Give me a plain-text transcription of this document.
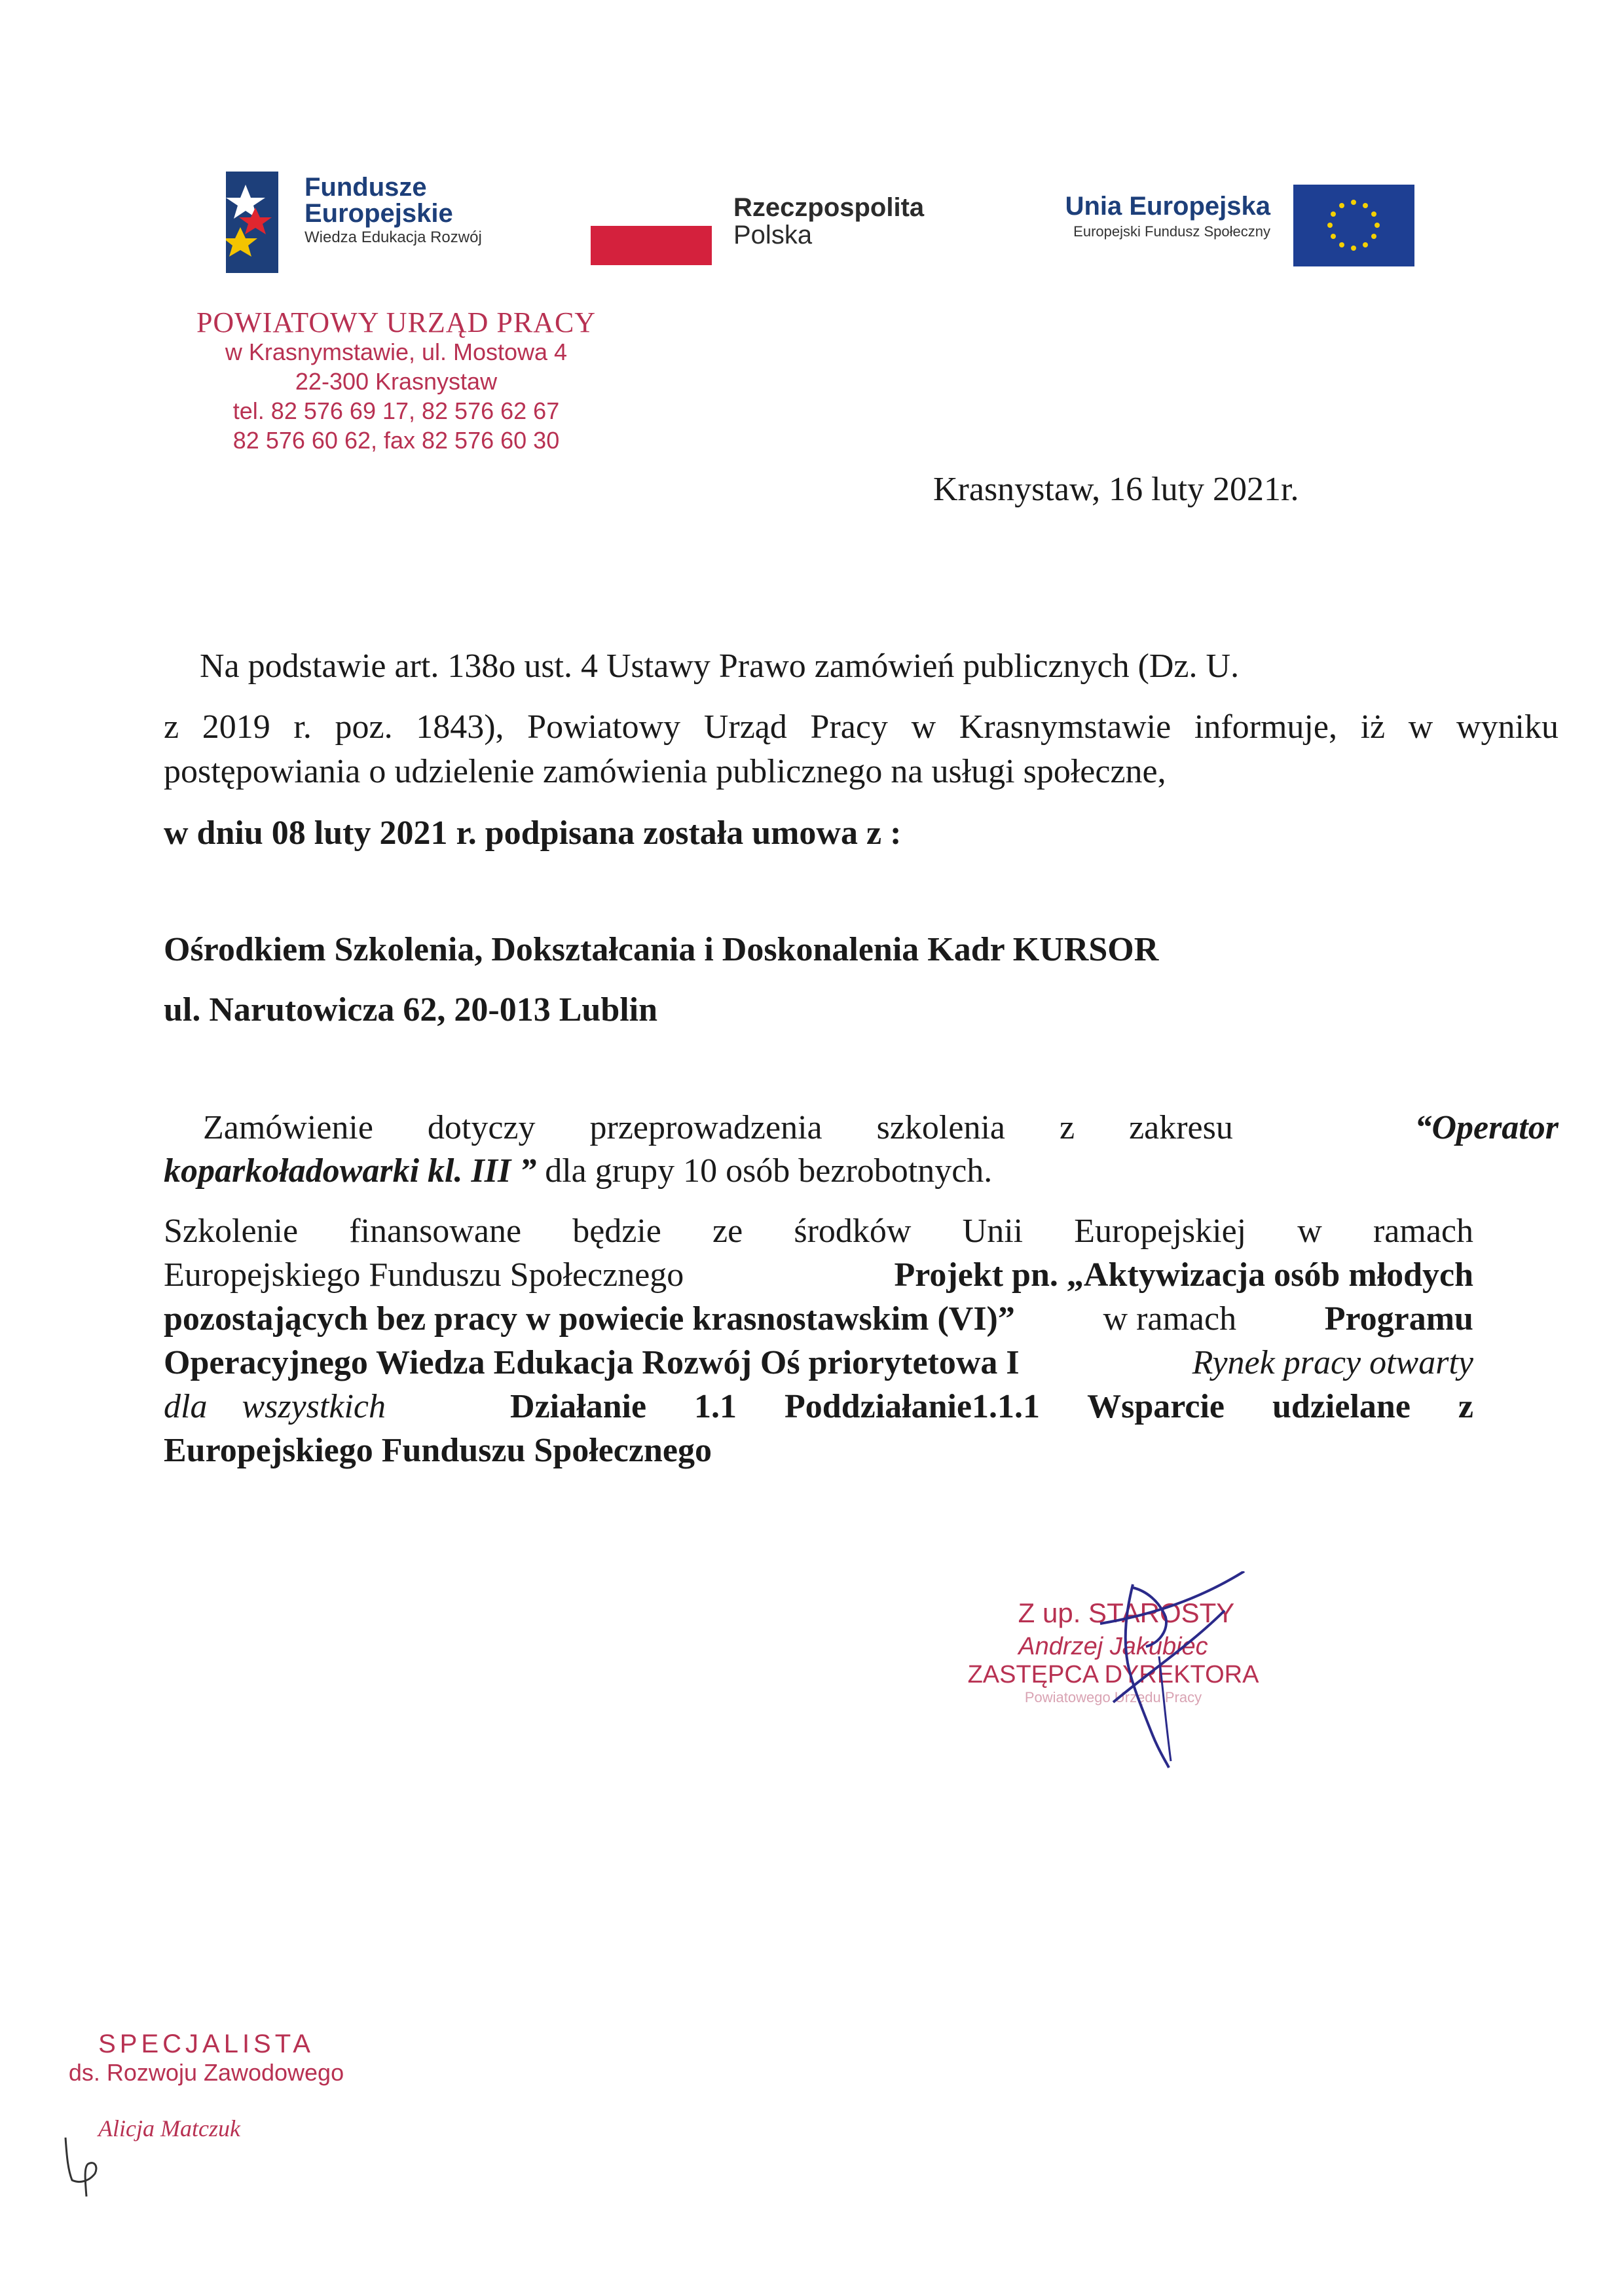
Fundusze
Europejskie
Wiedza Edukacja Rozwój
Rzeczpospolita
Polska
Unia Europejska
Europejski Fundusz Społeczny
POWIATOWY URZĄD PRACY
w Krasnymstawie, ul. Mostowa 4
22-300 Krasnystaw
tel. 82 576 69 17, 82 576 62 67
82 576 60 62, fax 82 576 60 30
Krasnystaw, 16 luty 2021r.
Na podstawie art. 138o ust. 4 Ustawy Prawo zamówień publicznych (Dz. U.
z 2019 r. poz. 1843), Powiatowy Urząd Pracy w Krasnymstawie informuje, iż w wyniku
postępowiania o udzielenie zamówienia publicznego na usługi społeczne,
w dniu 08 luty 2021 r. podpisana została umowa z :
Ośrodkiem Szkolenia, Dokształcania i Doskonalenia Kadr KURSOR
ul. Narutowicza 62, 20-013 Lublin
Zamówienie dotyczy przeprowadzenia szkolenia z zakresu	“Operator
koparkoładowarki kl. III ” dla grupy 10 osób bezrobotnych.
Szkolenie finansowane będzie ze środków Unii Europejskiej w ramach
Europejskiego Funduszu Społecznego	Projekt pn. „Aktywizacja osób młodych
pozostających bez pracy w powiecie krasnostawskim (VI)”	w ramach	Programu
Operacyjnego Wiedza Edukacja Rozwój Oś priorytetowa I	Rynek pracy otwarty
dla wszystkich	Działanie 1.1 Poddziałanie1.1.1 Wsparcie udzielane z
Europejskiego Funduszu Społecznego
Z up. STAROSTY
Andrzej Jakubiec
ZASTĘPCA DYREKTORA
Powiatowego Urzędu Pracy
SPECJALISTA
ds. Rozwoju Zawodowego
Alicja Matczuk
